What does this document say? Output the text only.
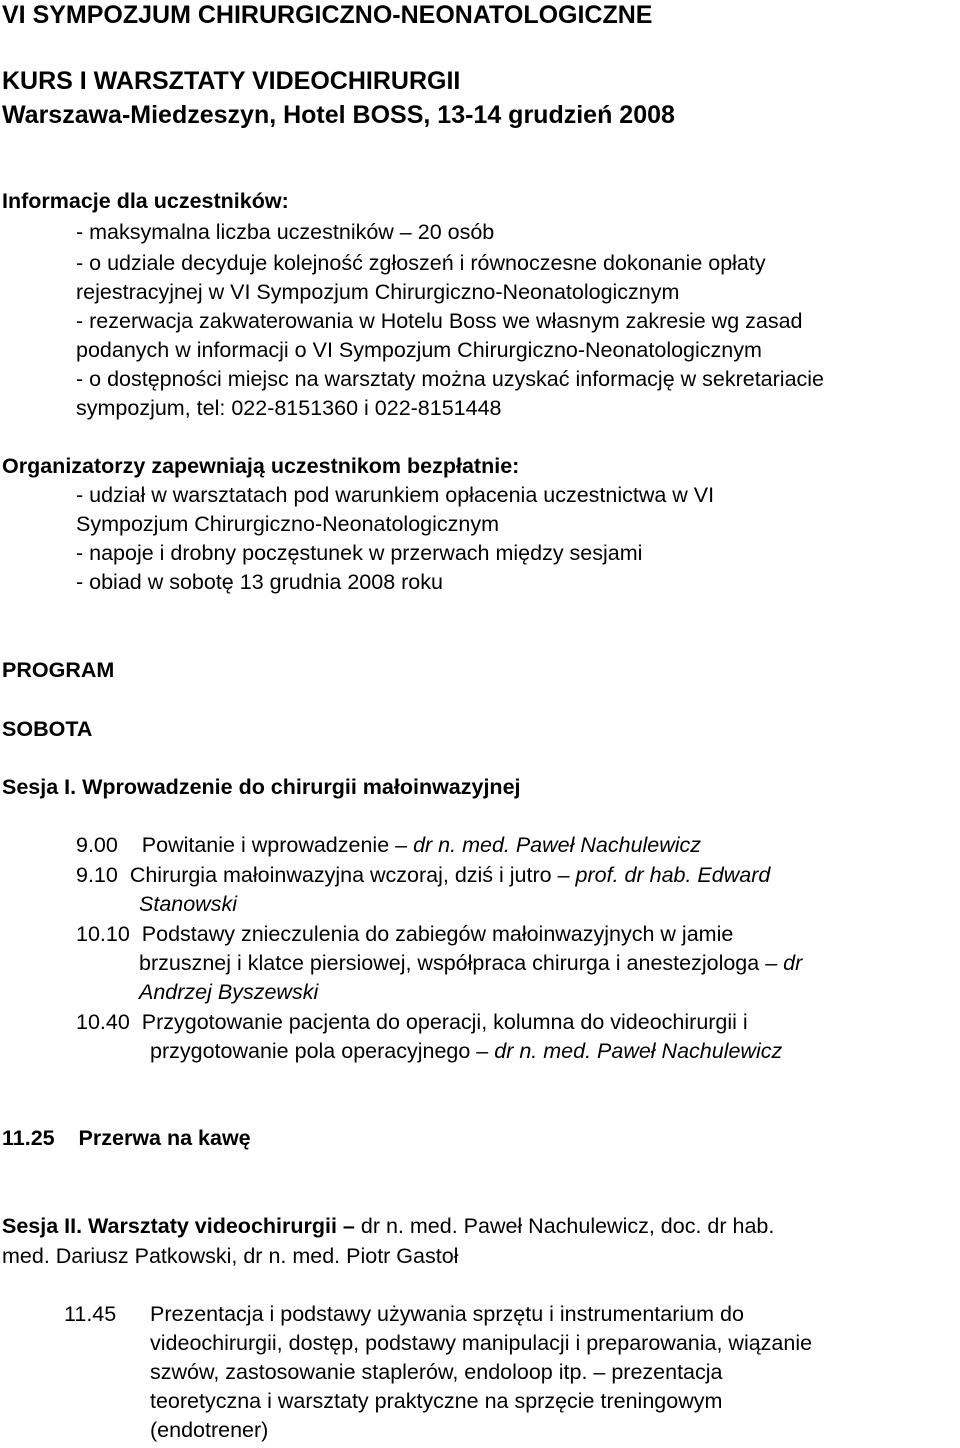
VI SYMPOZJUM CHIRURGICZNO-NEONATOLOGICZNE
KURS I WARSZTATY VIDEOCHIRURGII
Warszawa-Miedzeszyn, Hotel BOSS, 13-14 grudzień 2008
Informacje dla uczestników:
- maksymalna liczba uczestników – 20 osób
- o udziale decyduje kolejność zgłoszeń i równoczesne dokonanie opłaty
rejestracyjnej w VI Sympozjum Chirurgiczno-Neonatologicznym
- rezerwacja zakwaterowania w Hotelu Boss we własnym zakresie wg zasad
podanych w informacji o VI Sympozjum Chirurgiczno-Neonatologicznym
- o dostępności miejsc na warsztaty można uzyskać informację w sekretariacie
sympozjum, tel: 022-8151360 i 022-8151448
Organizatorzy zapewniają uczestnikom bezpłatnie:
- udział w warsztatach pod warunkiem opłacenia uczestnictwa w VI
Sympozjum Chirurgiczno-Neonatologicznym
- napoje i drobny poczęstunek w przerwach między sesjami
- obiad w sobotę 13 grudnia 2008 roku
PROGRAM
SOBOTA
Sesja I. Wprowadzenie do chirurgii małoinwazyjnej
9.00 Powitanie i wprowadzenie – dr n. med. Paweł Nachulewicz
9.10 Chirurgia małoinwazyjna wczoraj, dziś i jutro – prof. dr hab. Edward
Stanowski
10.10 Podstawy znieczulenia do zabiegów małoinwazyjnych w jamie
brzusznej i klatce piersiowej, współpraca chirurga i anestezjologa – dr
Andrzej Byszewski
10.40 Przygotowanie pacjenta do operacji, kolumna do videochirurgii i
przygotowanie pola operacyjnego – dr n. med. Paweł Nachulewicz
11.25 Przerwa na kawę
Sesja II. Warsztaty videochirurgii – dr n. med. Paweł Nachulewicz, doc. dr hab.
med. Dariusz Patkowski, dr n. med. Piotr Gastoł
11.45 Prezentacja i podstawy używania sprzętu i instrumentarium do
videochirurgii, dostęp, podstawy manipulacji i preparowania, wiązanie
szwów, zastosowanie staplerów, endoloop itp. – prezentacja
teoretyczna i warsztaty praktyczne na sprzęcie treningowym
(endotrener)
